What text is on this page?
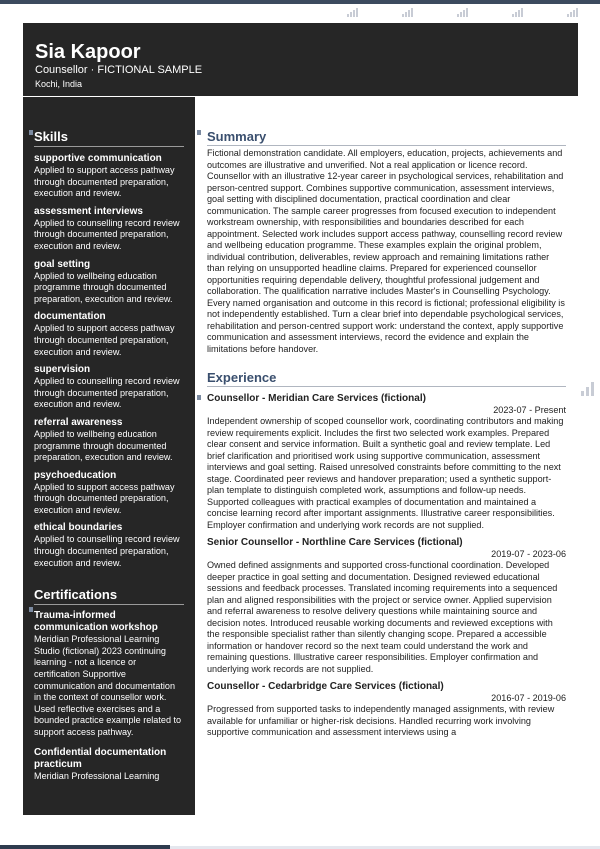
Sia Kapoor
Counsellor · FICTIONAL SAMPLE
Kochi, India
Skills
supportive communication
Applied to support access pathway through documented preparation, execution and review.
assessment interviews
Applied to counselling record review through documented preparation, execution and review.
goal setting
Applied to wellbeing education programme through documented preparation, execution and review.
documentation
Applied to support access pathway through documented preparation, execution and review.
supervision
Applied to counselling record review through documented preparation, execution and review.
referral awareness
Applied to wellbeing education programme through documented preparation, execution and review.
psychoeducation
Applied to support access pathway through documented preparation, execution and review.
ethical boundaries
Applied to counselling record review through documented preparation, execution and review.
Certifications
Trauma-informed communication workshop
Meridian Professional Learning Studio (fictional) 2023 continuing learning - not a licence or certification Supportive communication and documentation in the context of counsellor work. Used reflective exercises and a bounded practice example related to support access pathway.
Confidential documentation practicum
Meridian Professional Learning
Summary
Fictional demonstration candidate. All employers, education, projects, achievements and outcomes are illustrative and unverified. Not a real application or licence record. Counsellor with an illustrative 12-year career in psychological services, rehabilitation and person-centred support. Combines supportive communication, assessment interviews, goal setting with disciplined documentation, practical coordination and clear communication. The sample career progresses from focused execution to independent workstream ownership, with responsibilities and boundaries described for each appointment. Selected work includes support access pathway, counselling record review and wellbeing education programme. These examples explain the original problem, individual contribution, deliverables, review approach and remaining limitations rather than relying on unsupported headline claims. Prepared for experienced counsellor opportunities requiring dependable delivery, thoughtful professional judgement and collaboration. The qualification narrative includes Master's in Counselling Psychology. Every named organisation and outcome in this record is fictional; professional eligibility is not independently established. Turn a clear brief into dependable psychological services, rehabilitation and person-centred support work: understand the context, apply supportive communication and assessment interviews, record the evidence and explain the limitations before handover.
Experience
Counsellor - Meridian Care Services (fictional)
2023-07 - Present
Independent ownership of scoped counsellor work, coordinating contributors and making review requirements explicit. Includes the first two selected work examples. Prepared clear consent and service information. Built a synthetic goal and review template. Led brief clarification and prioritised work using supportive communication, assessment interviews and goal setting. Raised unresolved constraints before committing to the next stage. Coordinated peer reviews and handover preparation; used a synthetic support-plan template to distinguish completed work, assumptions and follow-up needs. Supported colleagues with practical examples of documentation and maintained a concise learning record after important assignments. Illustrative career responsibilities. Employer confirmation and underlying work records are not supplied.
Senior Counsellor - Northline Care Services (fictional)
2019-07 - 2023-06
Owned defined assignments and supported cross-functional coordination. Developed deeper practice in goal setting and documentation. Designed reviewed educational sessions and feedback processes. Translated incoming requirements into a sequenced plan and aligned responsibilities with the project or service owner. Applied supervision and referral awareness to resolve delivery questions while maintaining source and decision notes. Introduced reusable working documents and reviewed exceptions with the responsible specialist rather than silently changing scope. Prepared a accessible information or handover record so the next team could understand the work and remaining questions. Illustrative career responsibilities. Employer confirmation and underlying work records are not supplied.
Counsellor - Cedarbridge Care Services (fictional)
2016-07 - 2019-06
Progressed from supported tasks to independently managed assignments, with review available for unfamiliar or higher-risk decisions. Handled recurring work involving supportive communication and assessment interviews using a
